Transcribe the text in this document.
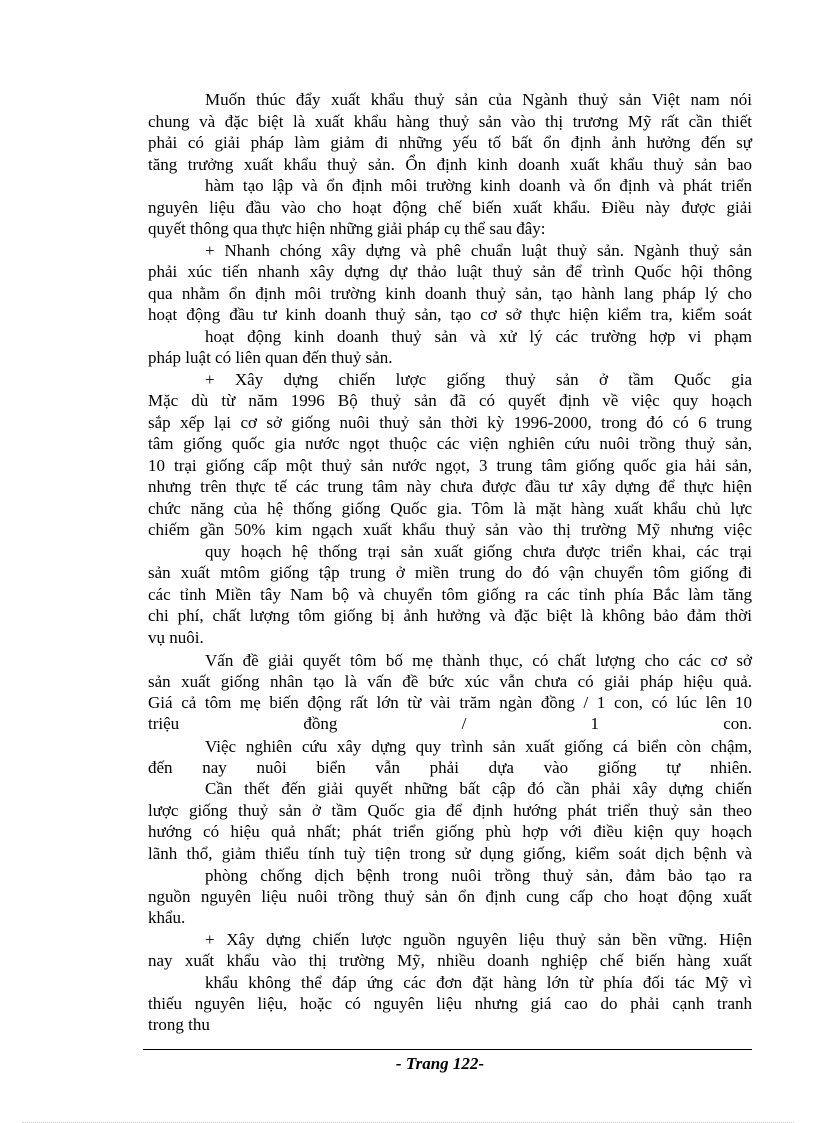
Muốn thúc đẩy xuất khẩu thuỷ sản của Ngành thuỷ sản Việt nam nói
chung và đặc biệt là xuất khẩu hàng thuỷ sản vào thị trương Mỹ rất cần thiết
phải có giải pháp làm giảm đi những yếu tố bất ổn định ảnh hưởng đến sự
tăng trưởng xuất khẩu thuỷ sản. Ổn định kinh doanh xuất khẩu thuỷ sản bao
hàm tạo lập và ổn định môi trường kinh doanh và ổn định và phát triển
nguyên liệu đầu vào cho hoạt động chế biến xuất khẩu. Điều này được giải
quyết thông qua thực hiện những giải pháp cụ thể sau đây:
+ Nhanh chóng xây dựng và phê chuẩn luật thuỷ sản. Ngành thuỷ sản
phải xúc tiến nhanh xây dựng dự thảo luật thuỷ sản để trình Quốc hội thông
qua nhằm ổn định môi trường kinh doanh thuỷ sản, tạo hành lang pháp lý cho
hoạt động đầu tư kinh doanh thuỷ sản, tạo cơ sở thực hiện kiểm tra, kiểm soát
hoạt động kinh doanh thuỷ sản và xử lý các trường hợp vi phạm
pháp luật có liên quan đến thuỷ sản.
+ Xây dựng chiến lược giống thuỷ sản ở tầm Quốc gia
Mặc dù từ năm 1996 Bộ thuỷ sản đã có quyết định về việc quy hoạch
sắp xếp lại cơ sở giống nuôi thuỷ sản thời kỳ 1996-2000, trong đó có 6 trung
tâm giống quốc gia nước ngọt thuộc các viện nghiên cứu nuôi trồng thuỷ sản,
10 trại giống cấp một thuỷ sản nước ngọt, 3 trung tâm giống quốc gia hải sản,
nhưng trên thực tế các trung tâm này chưa được đầu tư xây dựng để thực hiện
chức năng của hệ thống giống Quốc gia. Tôm là mặt hàng xuất khẩu chủ lực
chiếm gần 50% kim ngạch xuất khẩu thuỷ sản vào thị trường Mỹ nhưng việc
quy hoạch hệ thống trại sản xuất giống chưa được triển khai, các trại
sản xuất mtôm giống tập trung ở miền trung do đó vận chuyển tôm giống đi
các tỉnh Miền tây Nam bộ và chuyển tôm giống ra các tỉnh phía Bắc làm tăng
chi phí, chất lượng tôm giống bị ảnh hưởng và đặc biệt là không bảo đảm thời
vụ nuôi.
Vấn đề giải quyết tôm bố mẹ thành thục, có chất lượng cho các cơ sở
sản xuất giống nhân tạo là vấn đề bức xúc vẫn chưa có giải pháp hiệu quả.
Giá cả tôm mẹ biến động rất lớn từ vài trăm ngàn đồng / 1 con, có lúc lên 10
triệu đồng / 1 con.
Việc nghiên cứu xây dựng quy trình sản xuất giống cá biển còn chậm,
đến nay nuôi biển vẫn phải dựa vào giống tự nhiên.
Cần thết đến giải quyết những bất cập đó cần phải xây dựng chiến
lược giống thuỷ sản ở tầm Quốc gia để định hướng phát triển thuỷ sản theo
hướng có hiệu quả nhất; phát triển giống phù hợp với điều kiện quy hoạch
lãnh thổ, giảm thiểu tính tuỳ tiện trong sử dụng giống, kiểm soát dịch bệnh và
phòng chống dịch bệnh trong nuôi trồng thuỷ sản, đảm bảo tạo ra
nguồn nguyên liệu nuôi trồng thuỷ sản ổn định cung cấp cho hoạt động xuất
khẩu.
+ Xây dựng chiến lược nguồn nguyên liệu thuỷ sản bền vững. Hiện
nay xuất khẩu vào thị trường Mỹ, nhiều doanh nghiệp chế biến hàng xuất
khẩu không thể đáp ứng các đơn đặt hàng lớn từ phía đối tác Mỹ vì
thiếu nguyên liệu, hoặc có nguyên liệu nhưng giá cao do phải cạnh tranh
trong thu
- Trang 122-
